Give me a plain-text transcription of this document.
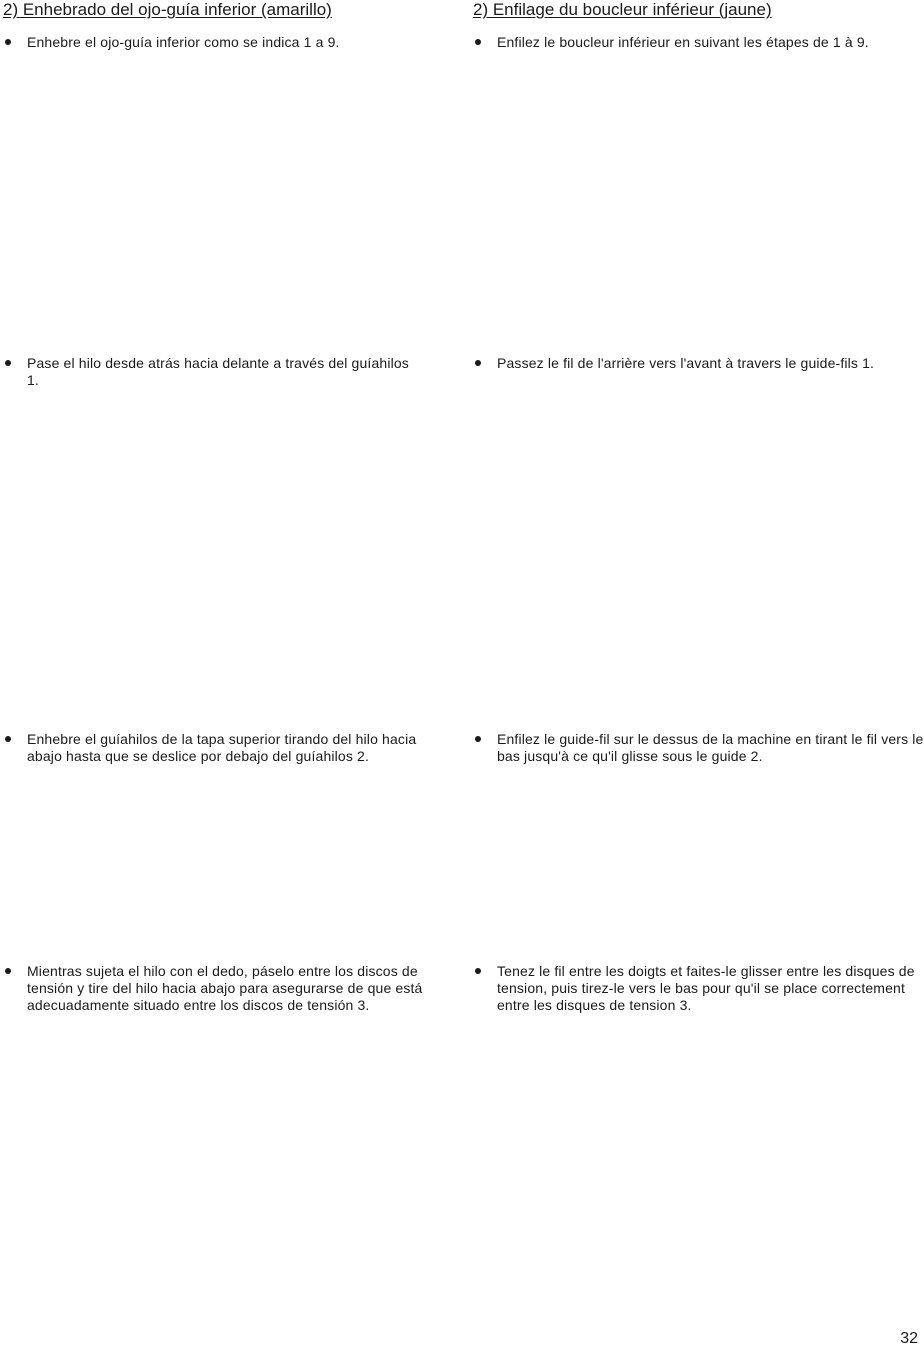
2) Enhebrado del ojo-guía inferior (amarillo)	2) Enfilage du boucleur inférieur (jaune)
Enhebre el ojo-guía inferior como se indica 1 a 9.
Pase el hilo desde atrás hacia delante a través del guíahilos 1.
Enhebre el guíahilos de la tapa superior tirando del hilo hacia abajo hasta que se deslice por debajo del guíahilos 2.
Mientras sujeta el hilo con el dedo, páselo entre los discos de tensión y tire del hilo hacia abajo para asegurarse de que está adecuadamente situado entre los discos de tensión 3.
Enfilez le boucleur inférieur en suivant les étapes de 1 à 9.
Passez le fil de l'arrière vers l'avant à travers le guide-fils 1.
Enfilez le guide-fil sur le dessus de la machine en tirant le fil vers le bas jusqu'à ce qu'il glisse sous le guide 2.
Tenez le fil entre les doigts et faites-le glisser entre les disques de tension, puis tirez-le vers le bas pour qu'il se place correctement entre les disques de tension 3.
32
